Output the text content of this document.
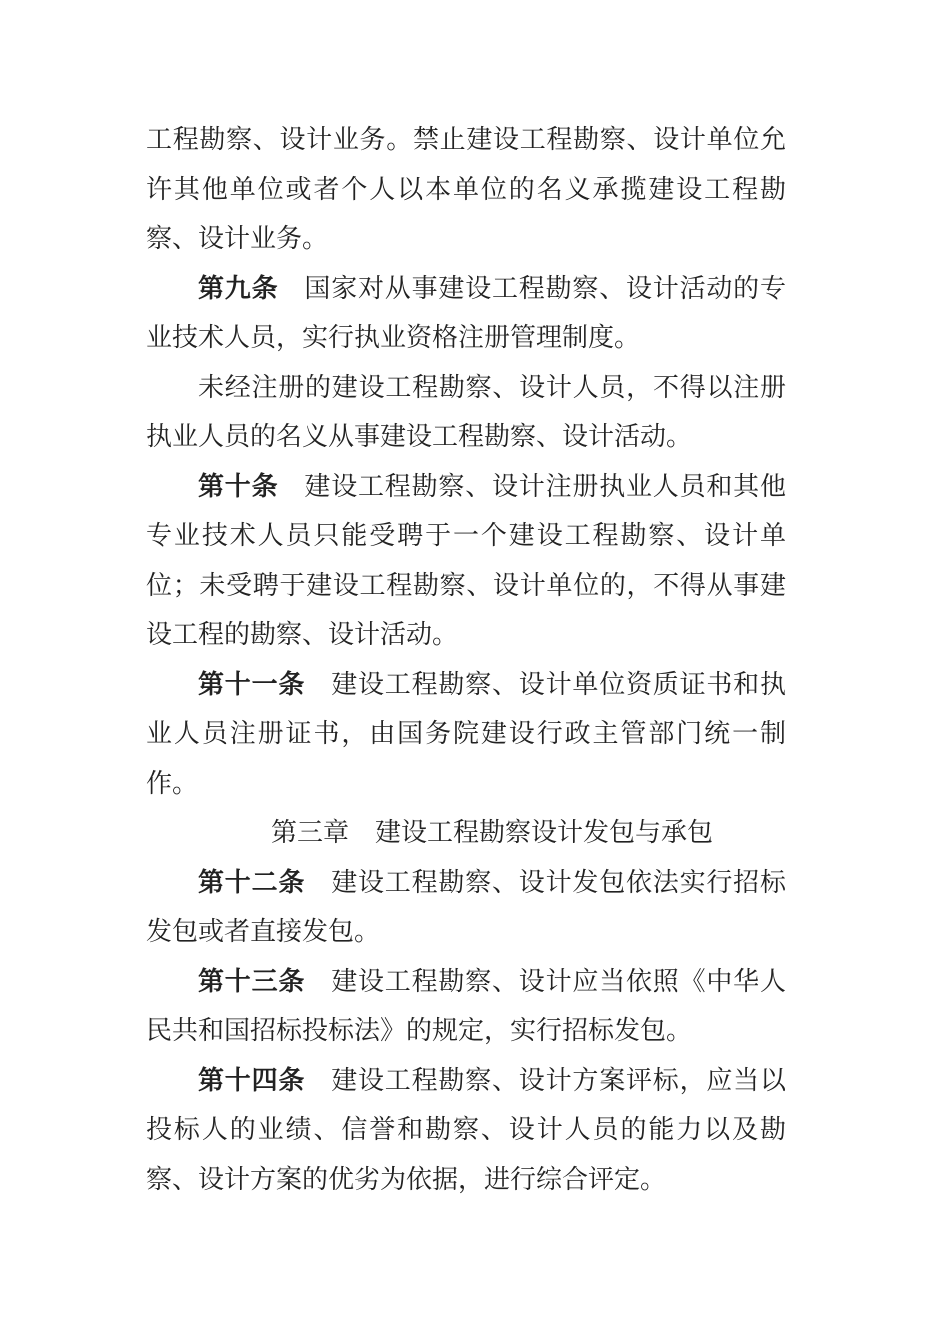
工程勘察、设计业务。禁止建设工程勘察、设计单位允许其他单位或者个人以本单位的名义承揽建设工程勘察、设计业务。

第九条 国家对从事建设工程勘察、设计活动的专业技术人员，实行执业资格注册管理制度。

未经注册的建设工程勘察、设计人员，不得以注册执业人员的名义从事建设工程勘察、设计活动。

第十条 建设工程勘察、设计注册执业人员和其他专业技术人员只能受聘于一个建设工程勘察、设计单位；未受聘于建设工程勘察、设计单位的，不得从事建设工程的勘察、设计活动。

第十一条 建设工程勘察、设计单位资质证书和执业人员注册证书，由国务院建设行政主管部门统一制作。

第三章 建设工程勘察设计发包与承包

第十二条 建设工程勘察、设计发包依法实行招标发包或者直接发包。

第十三条 建设工程勘察、设计应当依照《中华人民共和国招标投标法》的规定，实行招标发包。

第十四条 建设工程勘察、设计方案评标，应当以投标人的业绩、信誉和勘察、设计人员的能力以及勘察、设计方案的优劣为依据，进行综合评定。
